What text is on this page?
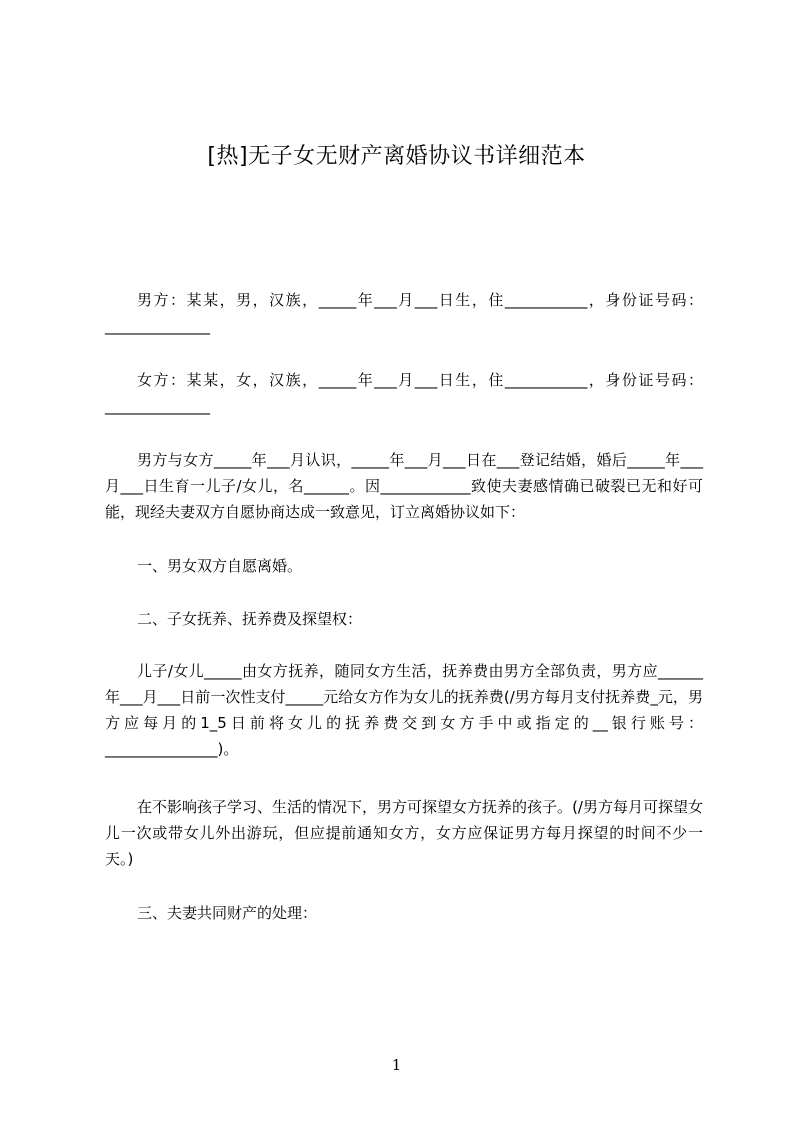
[热]无子女无财产离婚协议书详细范本
男方：某某，男，汉族，_____年___月___日生，住___________，身份证号码：______________
女方：某某，女，汉族，_____年___月___日生，住___________，身份证号码：______________
男方与女方_____年___月认识，_____年___月___日在___登记结婚，婚后_____年___月___日生育一儿子/女儿，名______。因____________致使夫妻感情确已破裂已无和好可能，现经夫妻双方自愿协商达成一致意见，订立离婚协议如下：
一、男女双方自愿离婚。
二、子女抚养、抚养费及探望权：
儿子/女儿_____由女方抚养，随同女方生活，抚养费由男方全部负责，男方应______年___月___日前一次性支付_____元给女方作为女儿的抚养费(/男方每月支付抚养费_元，男方应每月的1_5日前将女儿的抚养费交到女方手中或指定的__银行账号：_______________)。
在不影响孩子学习、生活的情况下，男方可探望女方抚养的孩子。(/男方每月可探望女儿一次或带女儿外出游玩，但应提前通知女方，女方应保证男方每月探望的时间不少一天。)
三、夫妻共同财产的处理：
1
